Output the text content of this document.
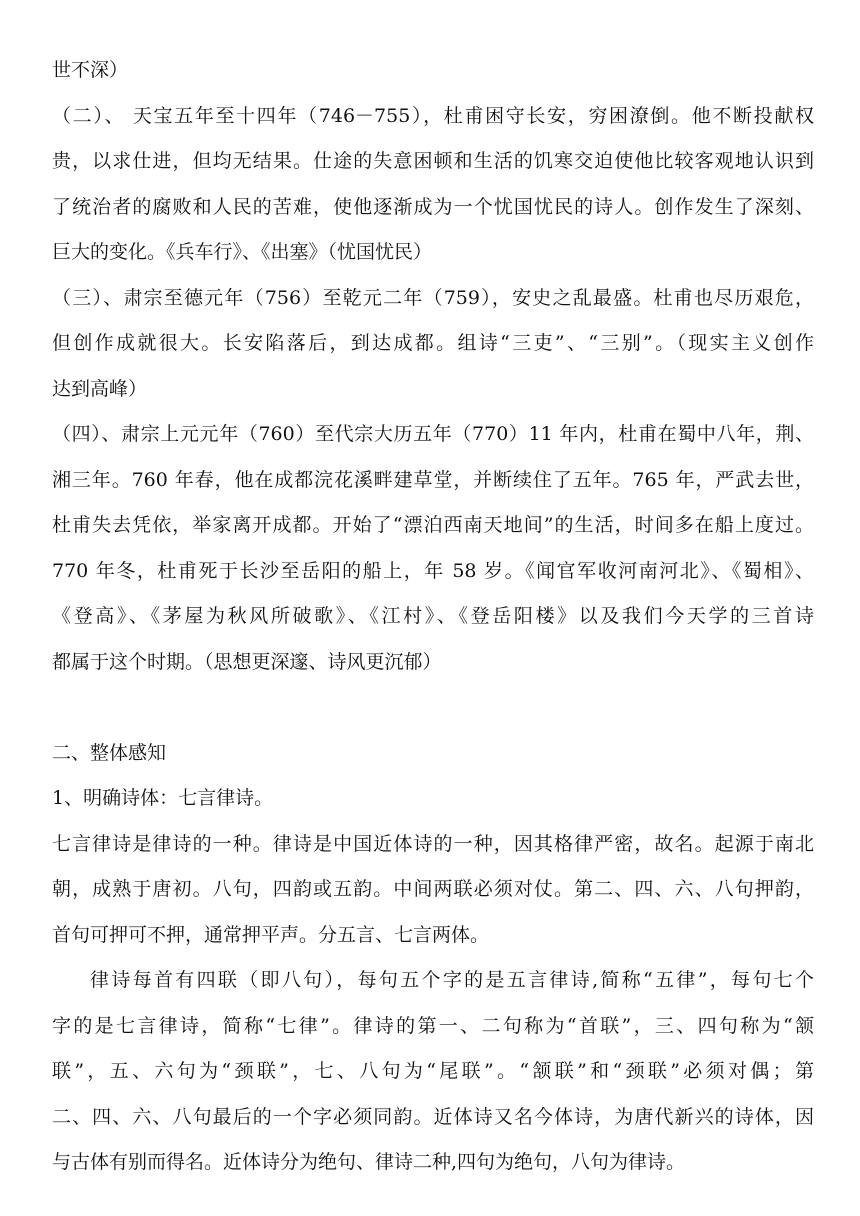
世不深）
（二）、 天宝五年至十四年（746－755），杜甫困守长安，穷困潦倒。他不断投献权
贵，以求仕进，但均无结果。仕途的失意困顿和生活的饥寒交迫使他比较客观地认识到
了统治者的腐败和人民的苦难，使他逐渐成为一个忧国忧民的诗人。创作发生了深刻、
巨大的变化。《兵车行》、《出塞》（忧国忧民）
（三）、肃宗至德元年（756）至乾元二年（759），安史之乱最盛。杜甫也尽历艰危，
但创作成就很大。长安陷落后，到达成都。组诗“三吏”、“三别”。（现实主义创作
达到高峰）
（四）、肃宗上元元年（760）至代宗大历五年（770）11 年内，杜甫在蜀中八年，荆、
湘三年。760 年春，他在成都浣花溪畔建草堂，并断续住了五年。765 年，严武去世，
杜甫失去凭依，举家离开成都。开始了“漂泊西南天地间”的生活，时间多在船上度过。
770 年冬，杜甫死于长沙至岳阳的船上，年 58 岁。《闻官军收河南河北》、《蜀相》、
《登高》、《茅屋为秋风所破歌》、《江村》、《登岳阳楼》以及我们今天学的三首诗
都属于这个时期。（思想更深邃、诗风更沉郁）
二、整体感知
1、明确诗体：七言律诗。
七言律诗是律诗的一种。律诗是中国近体诗的一种，因其格律严密，故名。起源于南北
朝，成熟于唐初。八句，四韵或五韵。中间两联必须对仗。第二、四、六、八句押韵，
首句可押可不押，通常押平声。分五言、七言两体。
律诗每首有四联（即八句），每句五个字的是五言律诗,简称“五律”，每句七个
字的是七言律诗，简称“七律”。律诗的第一、二句称为“首联”，三、四句称为“颔
联”，五、六句为“颈联”，七、八句为“尾联”。“颔联”和“颈联”必须对偶；第
二、四、六、八句最后的一个字必须同韵。近体诗又名今体诗，为唐代新兴的诗体，因
与古体有别而得名。近体诗分为绝句、律诗二种,四句为绝句，八句为律诗。
